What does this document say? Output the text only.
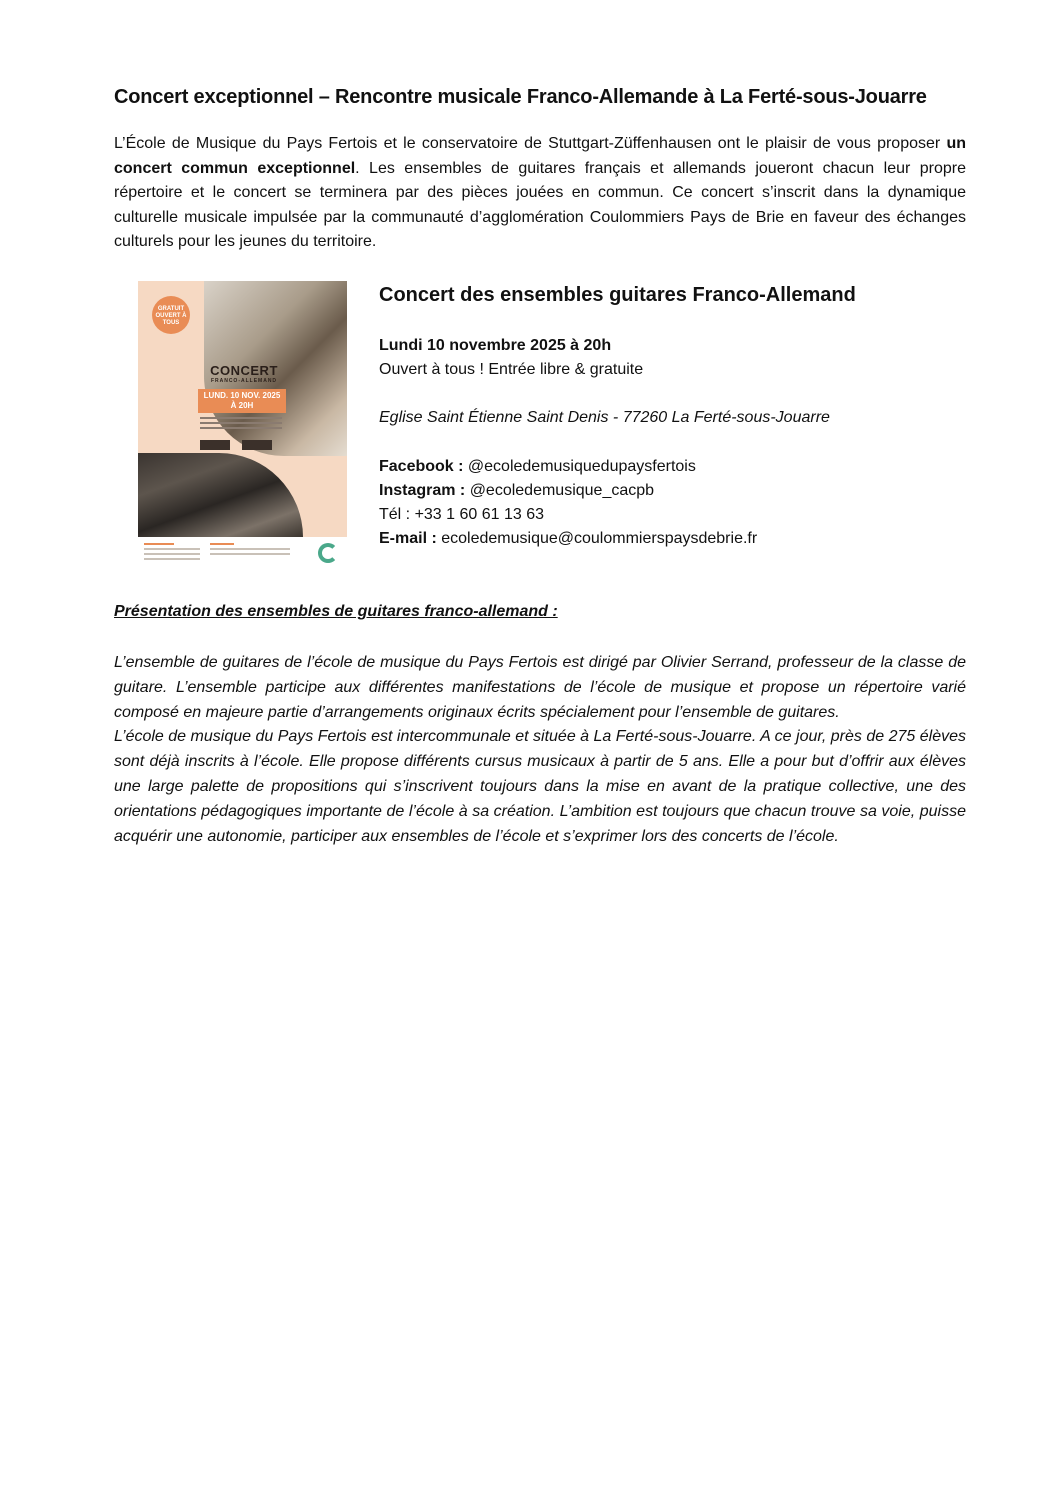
Concert exceptionnel – Rencontre musicale Franco-Allemande à La Ferté-sous-Jouarre
L’École de Musique du Pays Fertois et le conservatoire de Stuttgart-Züffenhausen ont le plaisir de vous proposer un concert commun exceptionnel. Les ensembles de guitares français et allemands joueront chacun leur propre répertoire et le concert se terminera par des pièces jouées en commun. Ce concert s’inscrit dans la dynamique culturelle musicale impulsée par la communauté d’agglomération Coulommiers Pays de Brie en faveur des échanges culturels pour les jeunes du territoire.
GRATUIT OUVERT À TOUS
CONCERT
FRANCO-ALLEMAND
LUND. 10 NOV. 2025
À 20H
Concert des ensembles guitares Franco-Allemand
Lundi 10 novembre 2025 à 20h
Ouvert à tous ! Entrée libre & gratuite
Eglise Saint Étienne Saint Denis - 77260 La Ferté-sous-Jouarre
Facebook : @ecoledemusiquedupaysfertois
Instagram : @ecoledemusique_cacpb
Tél : +33 1 60 61 13 63
E-mail : ecoledemusique@coulommierspaysdebrie.fr
Présentation des ensembles de guitares franco-allemand :

L’ensemble de guitares de l’école de musique du Pays Fertois est dirigé par Olivier Serrand, professeur de la classe de guitare. L’ensemble participe aux différentes manifestations de l’école de musique et propose un répertoire varié composé en majeure partie d’arrangements originaux écrits spécialement pour l’ensemble de guitares.

L’école de musique du Pays Fertois est intercommunale et située à La Ferté-sous-Jouarre. A ce jour, près de 275 élèves sont déjà inscrits à l’école. Elle propose différents cursus musicaux à partir de 5 ans. Elle a pour but d’offrir aux élèves une large palette de propositions qui s’inscrivent toujours dans la mise en avant de la pratique collective, une des orientations pédagogiques importante de l’école à sa création. L’ambition est toujours que chacun trouve sa voie, puisse acquérir une autonomie, participer aux ensembles de l’école et s’exprimer lors des concerts de l’école.
